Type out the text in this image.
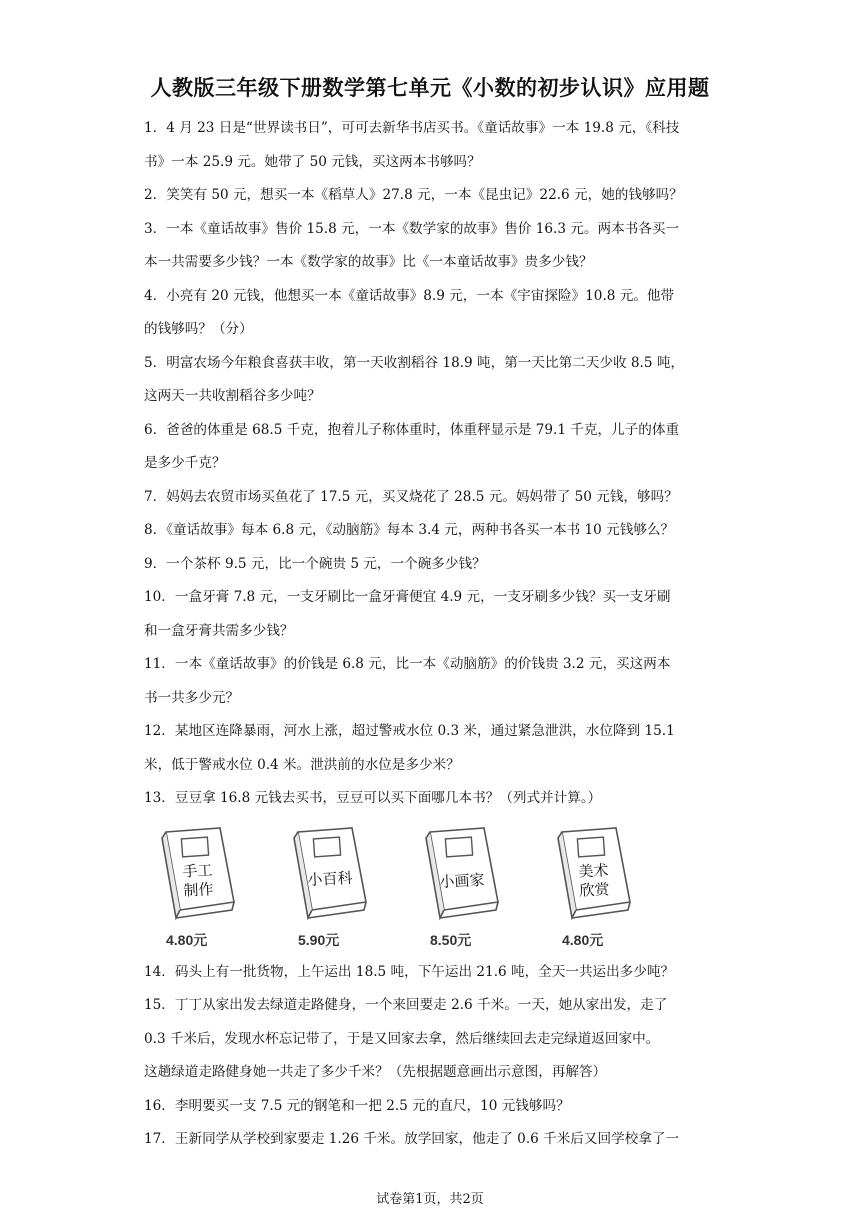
人教版三年级下册数学第七单元《小数的初步认识》应用题
1．4 月 23 日是“世界读书日”，可可去新华书店买书。《童话故事》一本 19.8 元，《科技
书》一本 25.9 元。她带了 50 元钱，买这两本书够吗？
2．笑笑有 50 元，想买一本《稻草人》27.8 元，一本《昆虫记》22.6 元，她的钱够吗？
3．一本《童话故事》售价 15.8 元，一本《数学家的故事》售价 16.3 元。两本书各买一
本一共需要多少钱？一本《数学家的故事》比《一本童话故事》贵多少钱？
4．小亮有 20 元钱，他想买一本《童话故事》8.9 元，一本《宇宙探险》10.8 元。他带
的钱够吗？（分）
5．明富农场今年粮食喜获丰收，第一天收割稻谷 18.9 吨，第一天比第二天少收 8.5 吨，
这两天一共收割稻谷多少吨？
6．爸爸的体重是 68.5 千克，抱着儿子称体重时，体重秤显示是 79.1 千克，儿子的体重
是多少千克？
7．妈妈去农贸市场买鱼花了 17.5 元，买叉烧花了 28.5 元。妈妈带了 50 元钱，够吗？
8．《童话故事》每本 6.8 元，《动脑筋》每本 3.4 元，两种书各买一本书 10 元钱够么？
9．一个茶杯 9.5 元，比一个碗贵 5 元，一个碗多少钱？
10．一盒牙膏 7.8 元，一支牙刷比一盒牙膏便宜 4.9 元，一支牙刷多少钱？买一支牙刷
和一盒牙膏共需多少钱？
11．一本《童话故事》的价钱是 6.8 元，比一本《动脑筋》的价钱贵 3.2 元，买这两本
书一共多少元？
12．某地区连降暴雨，河水上涨，超过警戒水位 0.3 米，通过紧急泄洪，水位降到 15.1
米，低于警戒水位 0.4 米。泄洪前的水位是多少米？
13．豆豆拿 16.8 元钱去买书，豆豆可以买下面哪几本书？（列式并计算。）
手工
制作
4.80元
小百科
5.90元
小画家
8.50元
美术
欣赏
4.80元
14．码头上有一批货物，上午运出 18.5 吨，下午运出 21.6 吨，全天一共运出多少吨？
15．丁丁从家出发去绿道走路健身，一个来回要走 2.6 千米。一天，她从家出发，走了
0.3 千米后，发现水杯忘记带了，于是又回家去拿，然后继续回去走完绿道返回家中。
这趟绿道走路健身她一共走了多少千米？（先根据题意画出示意图，再解答）
16．李明要买一支 7.5 元的钢笔和一把 2.5 元的直尺，10 元钱够吗？
17．王新同学从学校到家要走 1.26 千米。放学回家，他走了 0.6 千米后又回学校拿了一
试卷第1页，共2页
